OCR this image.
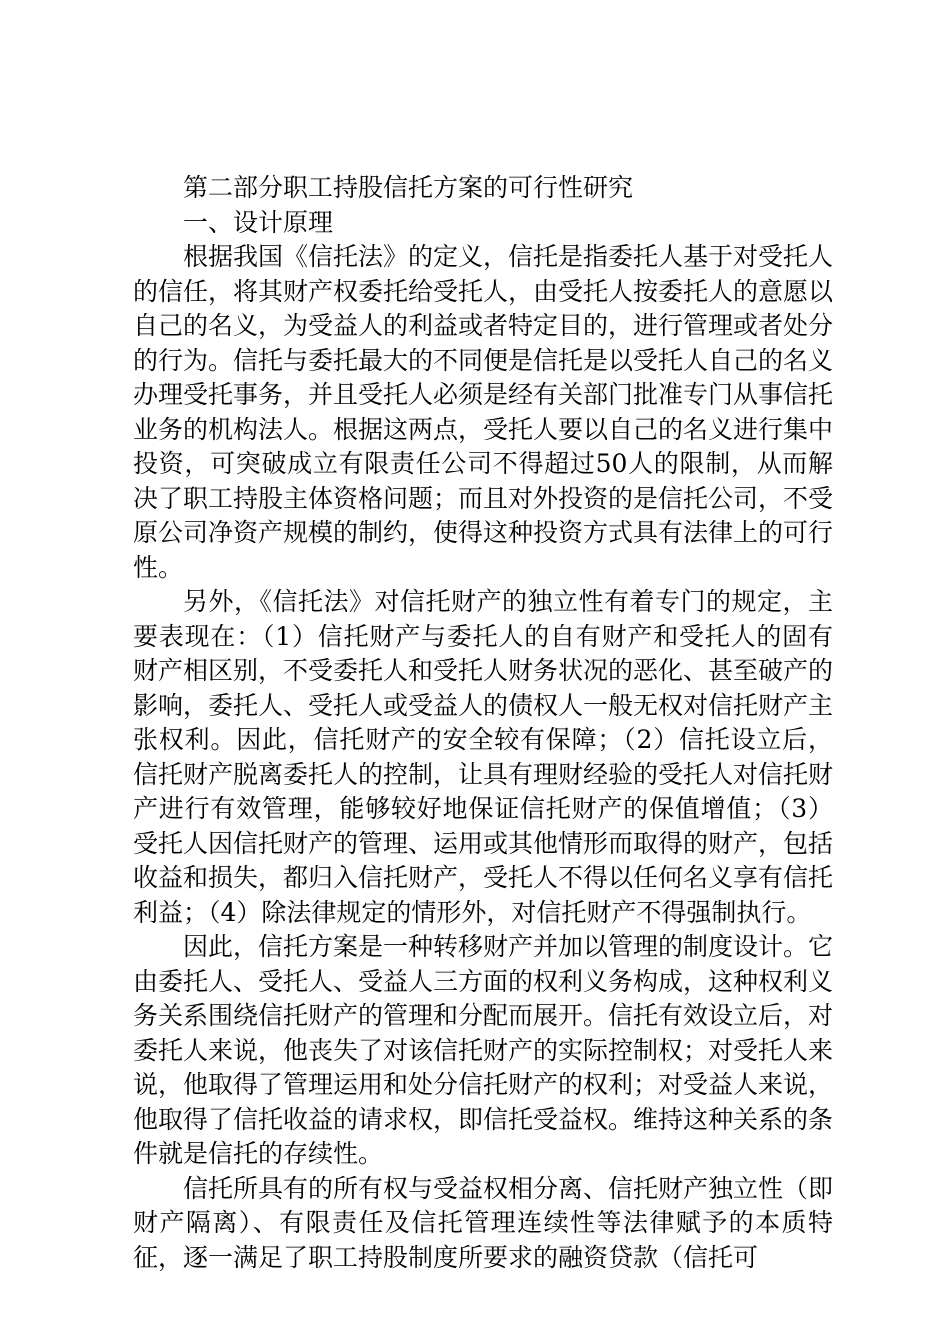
第二部分职工持股信托方案的可行性研究

一、设计原理

根据我国《信托法》的定义，信托是指委托人基于对受托人的信任，将其财产权委托给受托人，由受托人按委托人的意愿以自己的名义，为受益人的利益或者特定目的，进行管理或者处分的行为。信托与委托最大的不同便是信托是以受托人自己的名义办理受托事务，并且受托人必须是经有关部门批准专门从事信托业务的机构法人。根据这两点，受托人要以自己的名义进行集中投资，可突破成立有限责任公司不得超过50人的限制，从而解决了职工持股主体资格问题；而且对外投资的是信托公司，不受原公司净资产规模的制约，使得这种投资方式具有法律上的可行性。

另外，《信托法》对信托财产的独立性有着专门的规定，主要表现在：（1）信托财产与委托人的自有财产和受托人的固有财产相区别，不受委托人和受托人财务状况的恶化、甚至破产的影响，委托人、受托人或受益人的债权人一般无权对信托财产主张权利。因此，信托财产的安全较有保障；（2）信托设立后，信托财产脱离委托人的控制，让具有理财经验的受托人对信托财产进行有效管理，能够较好地保证信托财产的保值增值；（3）受托人因信托财产的管理、运用或其他情形而取得的财产，包括收益和损失，都归入信托财产，受托人不得以任何名义享有信托利益；（4）除法律规定的情形外，对信托财产不得强制执行。

因此，信托方案是一种转移财产并加以管理的制度设计。它由委托人、受托人、受益人三方面的权利义务构成，这种权利义务关系围绕信托财产的管理和分配而展开。信托有效设立后，对委托人来说，他丧失了对该信托财产的实际控制权；对受托人来说，他取得了管理运用和处分信托财产的权利；对受益人来说，他取得了信托收益的请求权，即信托受益权。维持这种关系的条件就是信托的存续性。

信托所具有的所有权与受益权相分离、信托财产独立性（即财产隔离）、有限责任及信托管理连续性等法律赋予的本质特征，逐一满足了职工持股制度所要求的融资贷款（信托可
